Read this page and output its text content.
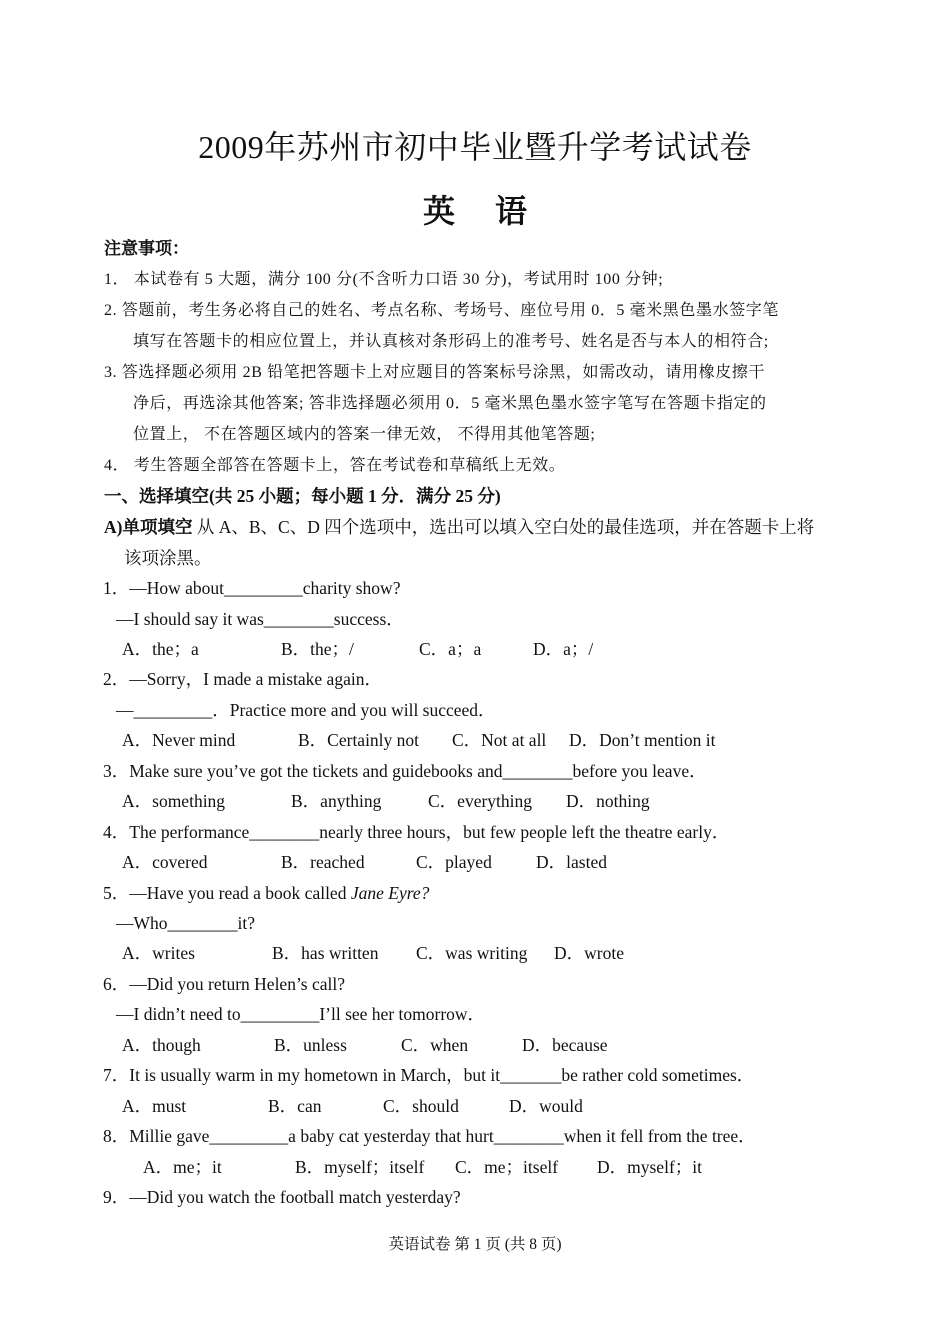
2009年苏州市初中毕业暨升学考试试卷
英语
注意事项：
1． 本试卷有 5 大题，满分 100 分(不含听力口语 30 分)，考试用时 100 分钟;
2. 答题前，考生务必将自己的姓名、考点名称、考场号、座位号用 0．5 毫米黑色墨水签字笔
填写在答题卡的相应位置上，并认真核对条形码上的准考号、姓名是否与本人的相符合;
3. 答选择题必须用 2B 铅笔把答题卡上对应题目的答案标号涂黑，如需改动，请用橡皮擦干
净后，再选涂其他答案; 答非选择题必须用 0．5 毫米黑色墨水签字笔写在答题卡指定的
位置上， 不在答题区域内的答案一律无效， 不得用其他笔答题;
4． 考生答题全部答在答题卡上，答在考试卷和草稿纸上无效。
一、选择填空(共 25 小题；每小题 1 分．满分 25 分)
A)单项填空 从 A、B、C、D 四个选项中，选出可以填入空白处的最佳选项，并在答题卡上将
该项涂黑。
1．—How about_________charity show?
—I should say it was________success．
A．the；a	B．the；/	C．a；a	D．a；/
2．—Sorry，I made a mistake again．
—_________．Practice more and you will succeed．
A．Never mind	B．Certainly not C．Not at all D．Don’t mention it
3．Make sure you’ve got the tickets and guidebooks and________before you leave．
A．something	B．anything	C．everything D．nothing
4．The performance________nearly three hours，but few people left the theatre early．
A．covered	B．reached	C．played	D．lasted
5．—Have you read a book called Jane Eyre?
—Who________it?
A．writes	B．has written C．was writing D．wrote
6．—Did you return Helen’s call?
—I didn’t need to_________I’ll see her tomorrow．
A．though	B．unless	C．when	D．because
7．It is usually warm in my hometown in March，but it_______be rather cold sometimes．
A．must	B．can	C．should	D．would
8．Millie gave_________a baby cat yesterday that hurt________when it fell from the tree．
A．me；it	B．myself；itself C．me；itself D．myself；it
9．—Did you watch the football match yesterday?
英语试卷 第 1 页 (共 8 页)
